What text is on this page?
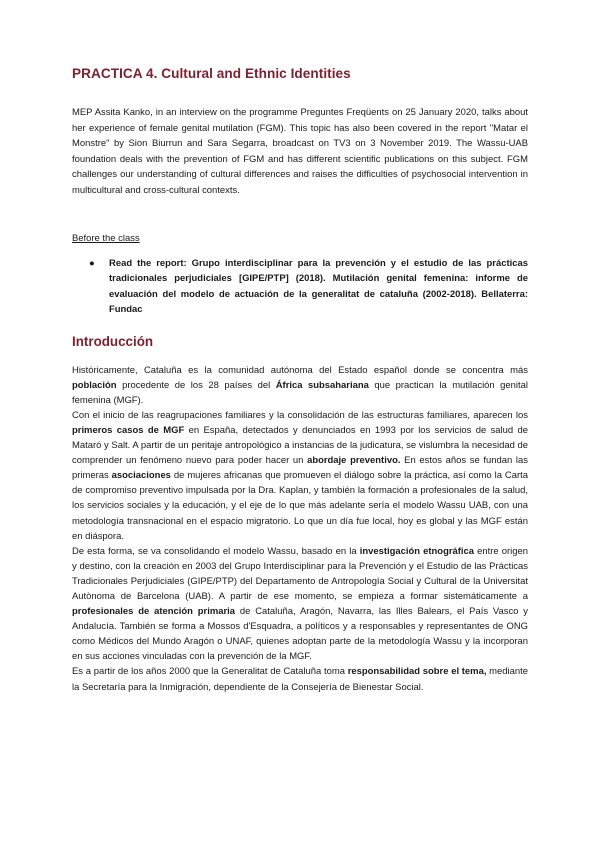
PRACTICA 4. Cultural and Ethnic Identities

MEP Assita Kanko, in an interview on the programme Preguntes Freqüents on 25 January 2020, talks about her experience of female genital mutilation (FGM). This topic has also been covered in the report "Matar el Monstre" by Sion Biurrun and Sara Segarra, broadcast on TV3 on 3 November 2019. The Wassu-UAB foundation deals with the prevention of FGM and has different scientific publications on this subject. FGM challenges our understanding of cultural differences and raises the difficulties of psychosocial intervention in multicultural and cross-cultural contexts.

Before the class
● Read the report: Grupo interdisciplinar para la prevención y el estudio de las prácticas tradicionales perjudiciales [GIPE/PTP] (2018). Mutilación genital femenina: informe de evaluación del modelo de actuación de la generalitat de cataluña (2002-2018). Bellaterra: Fundac
Introducción

Históricamente, Cataluña es la comunidad autónoma del Estado español donde se concentra más población procedente de los 28 países del África subsahariana que practican la mutilación genital femenina (MGF).

Con el inicio de las reagrupaciones familiares y la consolidación de las estructuras familiares, aparecen los primeros casos de MGF en España, detectados y denunciados en 1993 por los servicios de salud de Mataró y Salt. A partir de un peritaje antropológico a instancias de la judicatura, se vislumbra la necesidad de comprender un fenómeno nuevo para poder hacer un abordaje preventivo. En estos años se fundan las primeras asociaciones de mujeres africanas que promueven el diálogo sobre la práctica, así como la Carta de compromiso preventivo impulsada por la Dra. Kaplan, y también la formación a profesionales de la salud, los servicios sociales y la educación, y el eje de lo que más adelante sería el modelo Wassu UAB, con una metodología transnacional en el espacio migratorio. Lo que un día fue local, hoy es global y las MGF están en diáspora.

De esta forma, se va consolidando el modelo Wassu, basado en la investigación etnográfica entre origen y destino, con la creación en 2003 del Grupo Interdisciplinar para la Prevención y el Estudio de las Prácticas Tradicionales Perjudiciales (GIPE/PTP) del Departamento de Antropología Social y Cultural de la Universitat Autònoma de Barcelona (UAB). A partir de ese momento, se empieza a formar sistemáticamente a profesionales de atención primaria de Cataluña, Aragón, Navarra, las Illes Balears, el País Vasco y Andalucía. También se forma a Mossos d'Esquadra, a políticos y a responsables y representantes de ONG como Médicos del Mundo Aragón o UNAF, quienes adoptan parte de la metodología Wassu y la incorporan en sus acciones vinculadas con la prevención de la MGF.

Es a partir de los años 2000 que la Generalitat de Cataluña toma responsabilidad sobre el tema, mediante la Secretaría para la Inmigración, dependiente de la Consejería de Bienestar Social.
